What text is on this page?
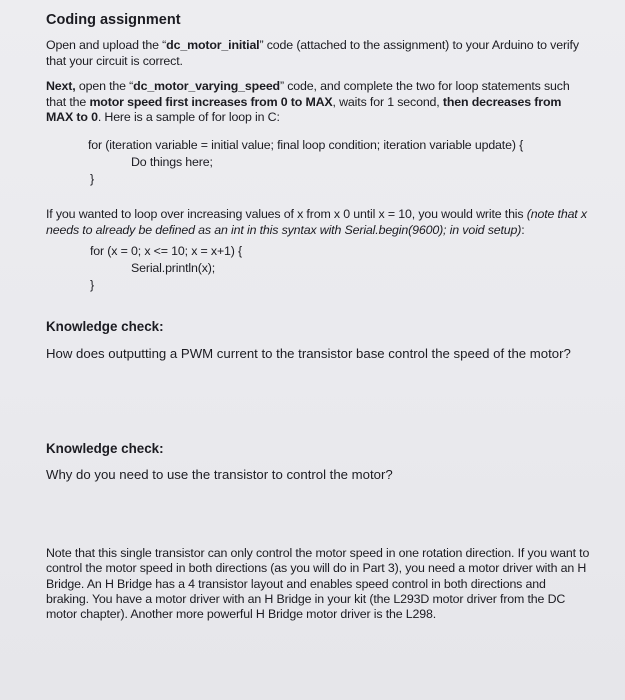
Coding assignment
Open and upload the “dc_motor_initial” code (attached to the assignment) to your Arduino to verify that your circuit is correct.
Next, open the “dc_motor_varying_speed” code, and complete the two for loop statements such that the motor speed first increases from 0 to MAX, waits for 1 second, then decreases from MAX to 0. Here is a sample of for loop in C:
for (iteration variable = initial value; final loop condition; iteration variable update) {
Do things here;
}
If you wanted to loop over increasing values of x from x 0 until x = 10, you would write this (note that x needs to already be defined as an int in this syntax with Serial.begin(9600); in void setup):
for (x = 0; x <= 10; x = x+1) {
Serial.println(x);
}
Knowledge check:
How does outputting a PWM current to the transistor base control the speed of the motor?
Knowledge check:
Why do you need to use the transistor to control the motor?
Note that this single transistor can only control the motor speed in one rotation direction. If you want to control the motor speed in both directions (as you will do in Part 3), you need a motor driver with an H Bridge. An H Bridge has a 4 transistor layout and enables speed control in both directions and braking. You have a motor driver with an H Bridge in your kit (the L293D motor driver from the DC motor chapter). Another more powerful H Bridge motor driver is the L298.
